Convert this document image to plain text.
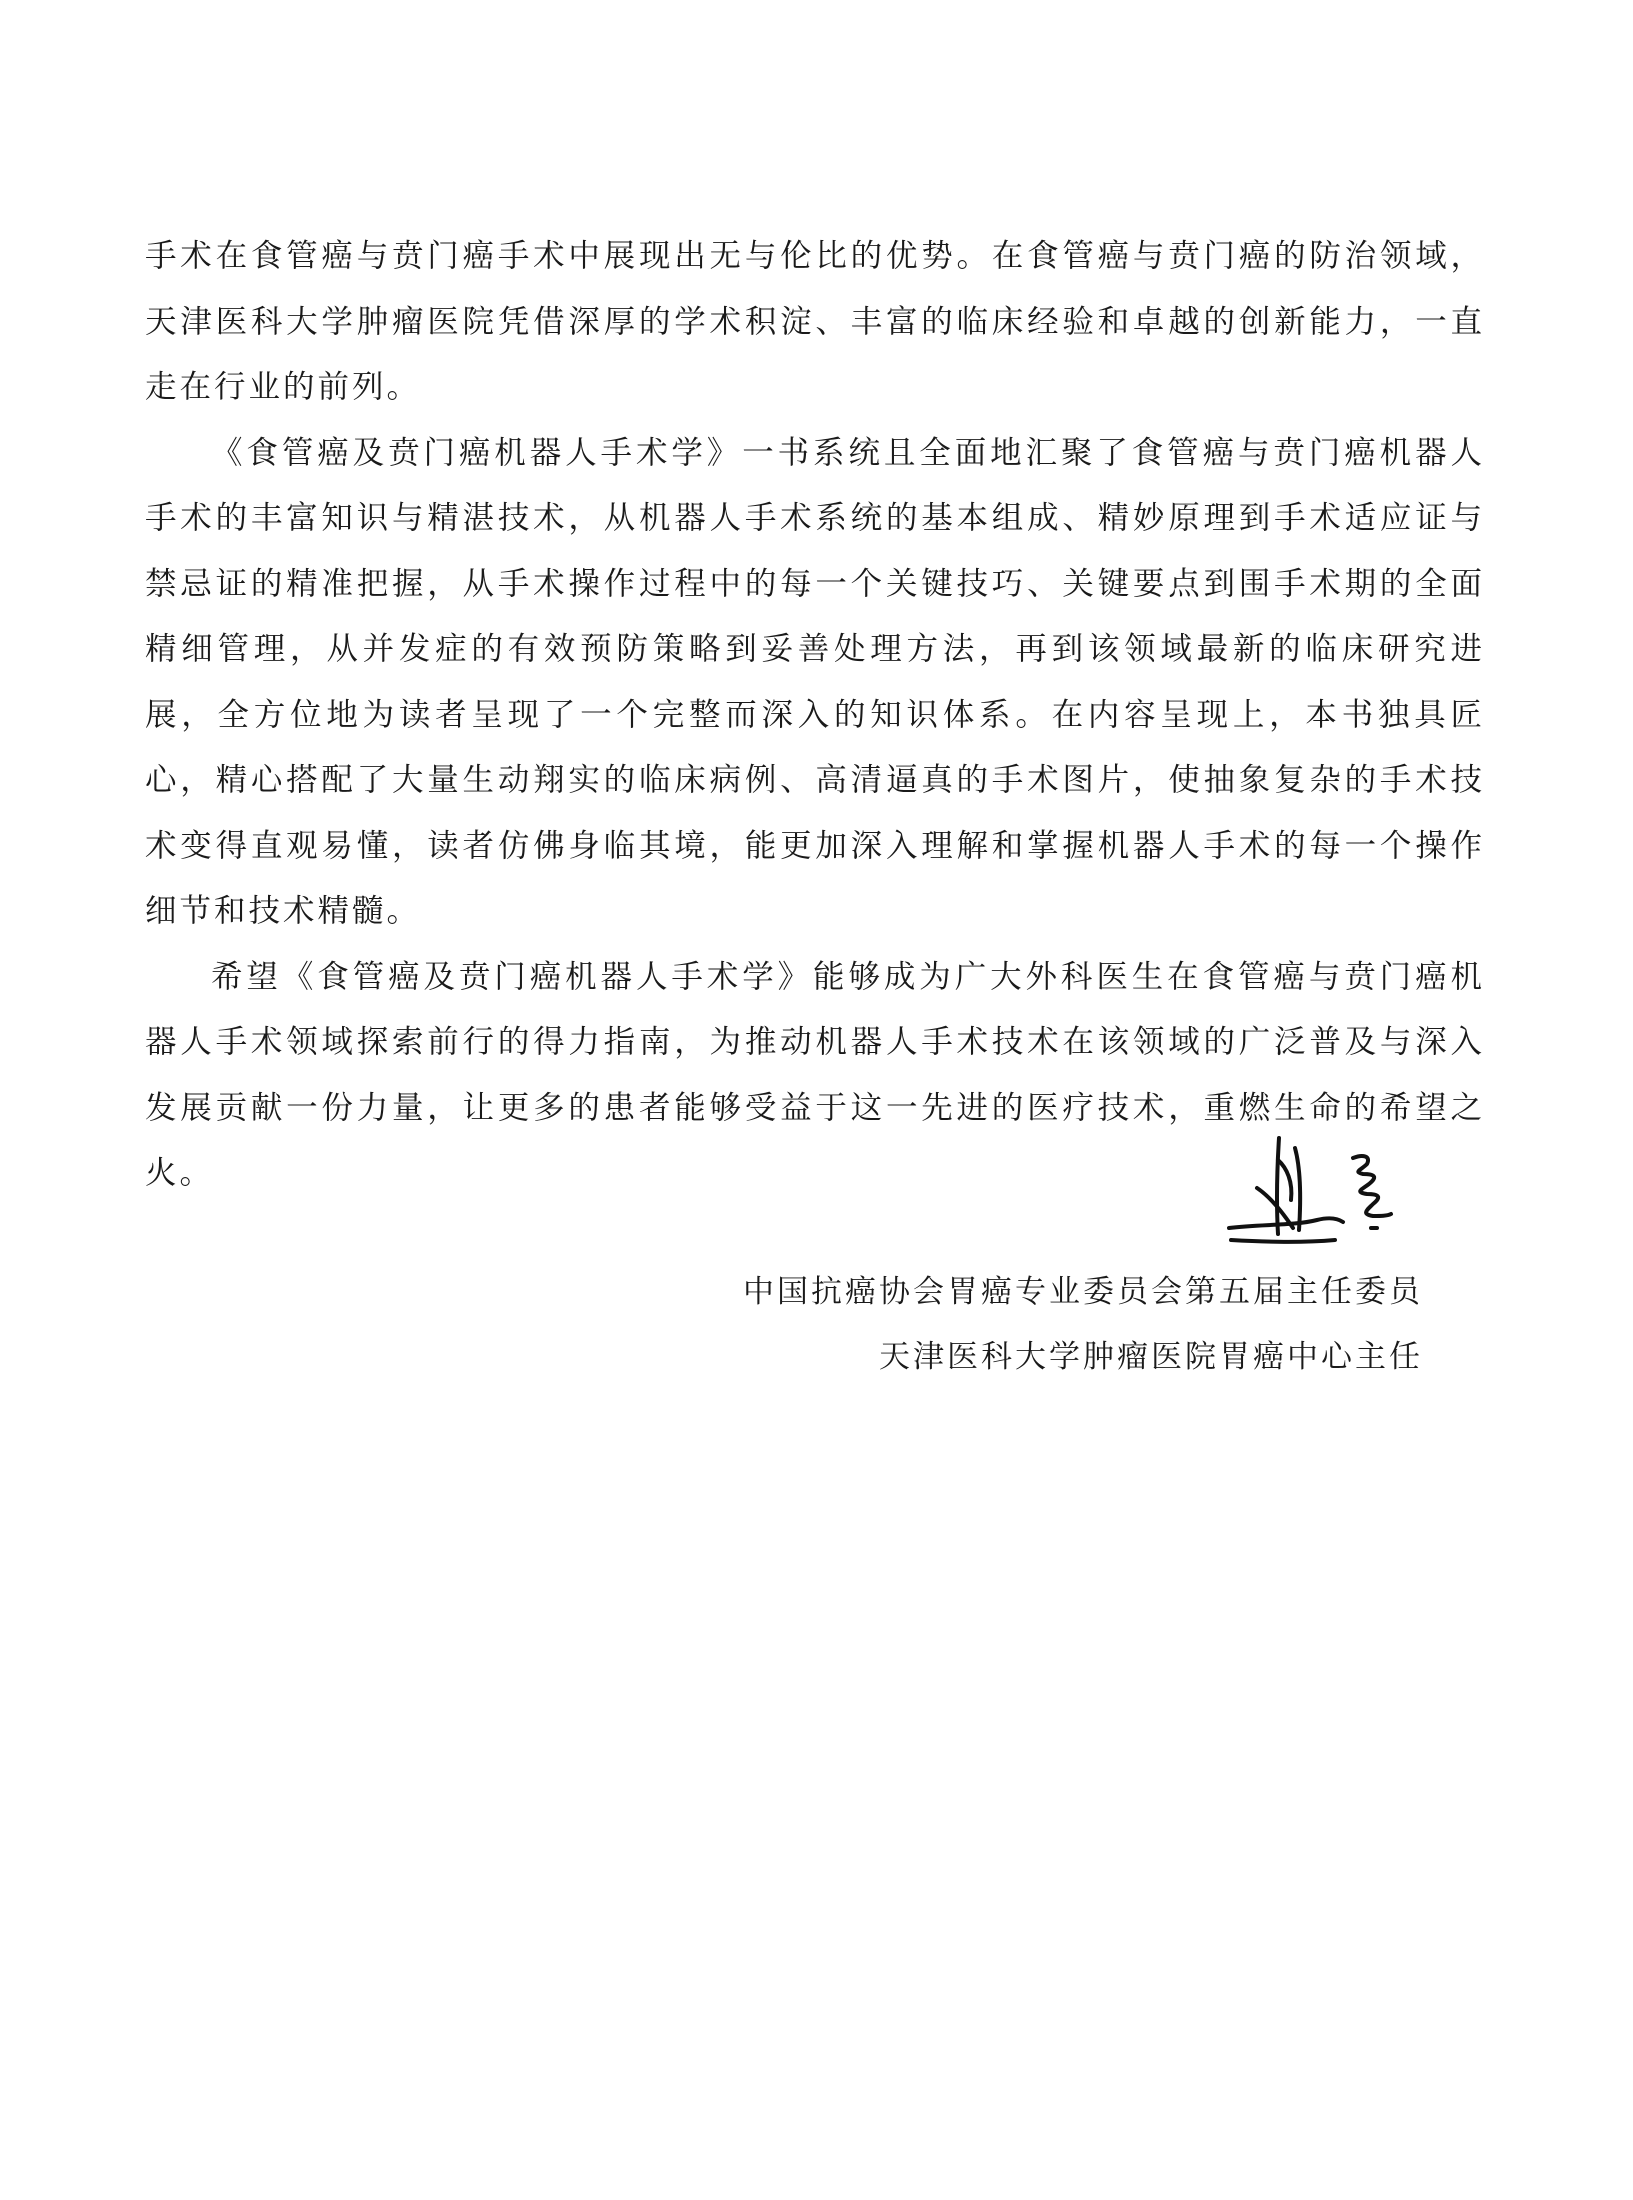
手术在食管癌与贲门癌手术中展现出无与伦比的优势。在食管癌与贲门癌的防治领域，天津医科大学肿瘤医院凭借深厚的学术积淀、丰富的临床经验和卓越的创新能力，一直走在行业的前列。

《食管癌及贲门癌机器人手术学》一书系统且全面地汇聚了食管癌与贲门癌机器人手术的丰富知识与精湛技术，从机器人手术系统的基本组成、精妙原理到手术适应证与禁忌证的精准把握，从手术操作过程中的每一个关键技巧、关键要点到围手术期的全面精细管理，从并发症的有效预防策略到妥善处理方法，再到该领域最新的临床研究进展，全方位地为读者呈现了一个完整而深入的知识体系。在内容呈现上，本书独具匠心，精心搭配了大量生动翔实的临床病例、高清逼真的手术图片，使抽象复杂的手术技术变得直观易懂，读者仿佛身临其境，能更加深入理解和掌握机器人手术的每一个操作细节和技术精髓。

希望《食管癌及贲门癌机器人手术学》能够成为广大外科医生在食管癌与贲门癌机器人手术领域探索前行的得力指南，为推动机器人手术技术在该领域的广泛普及与深入发展贡献一份力量，让更多的患者能够受益于这一先进的医疗技术，重燃生命的希望之火。

中国抗癌协会胃癌专业委员会第五届主任委员
天津医科大学肿瘤医院胃癌中心主任
